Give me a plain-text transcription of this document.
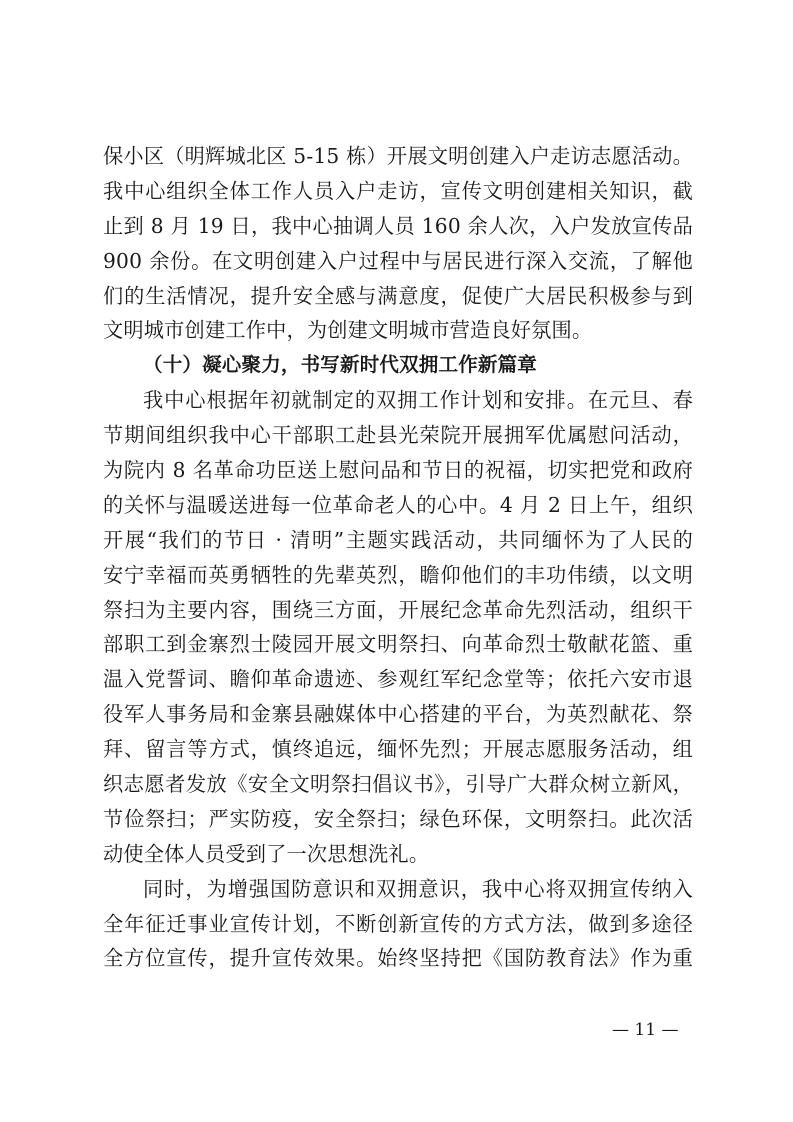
保小区（明辉城北区 5-15 栋）开展文明创建入户走访志愿活动。
我中心组织全体工作人员入户走访，宣传文明创建相关知识，截
止到 8 月 19 日，我中心抽调人员 160 余人次，入户发放宣传品
900 余份。在文明创建入户过程中与居民进行深入交流，了解他
们的生活情况，提升安全感与满意度，促使广大居民积极参与到
文明城市创建工作中，为创建文明城市营造良好氛围。
（十）凝心聚力，书写新时代双拥工作新篇章
我中心根据年初就制定的双拥工作计划和安排。在元旦、春
节期间组织我中心干部职工赴县光荣院开展拥军优属慰问活动，
为院内 8 名革命功臣送上慰问品和节日的祝福，切实把党和政府
的关怀与温暖送进每一位革命老人的心中。4 月 2 日上午，组织
开展“我们的节日 · 清明”主题实践活动，共同缅怀为了人民的
安宁幸福而英勇牺牲的先辈英烈，瞻仰他们的丰功伟绩，以文明
祭扫为主要内容，围绕三方面，开展纪念革命先烈活动，组织干
部职工到金寨烈士陵园开展文明祭扫、向革命烈士敬献花篮、重
温入党誓词、瞻仰革命遗迹、参观红军纪念堂等；依托六安市退
役军人事务局和金寨县融媒体中心搭建的平台，为英烈献花、祭
拜、留言等方式，慎终追远，缅怀先烈；开展志愿服务活动，组
织志愿者发放《安全文明祭扫倡议书》，引导广大群众树立新风，
节俭祭扫；严实防疫，安全祭扫；绿色环保，文明祭扫。此次活
动使全体人员受到了一次思想洗礼。
同时，为增强国防意识和双拥意识，我中心将双拥宣传纳入
全年征迁事业宣传计划，不断创新宣传的方式方法，做到多途径
全方位宣传，提升宣传效果。始终坚持把《国防教育法》作为重
— 11 —
